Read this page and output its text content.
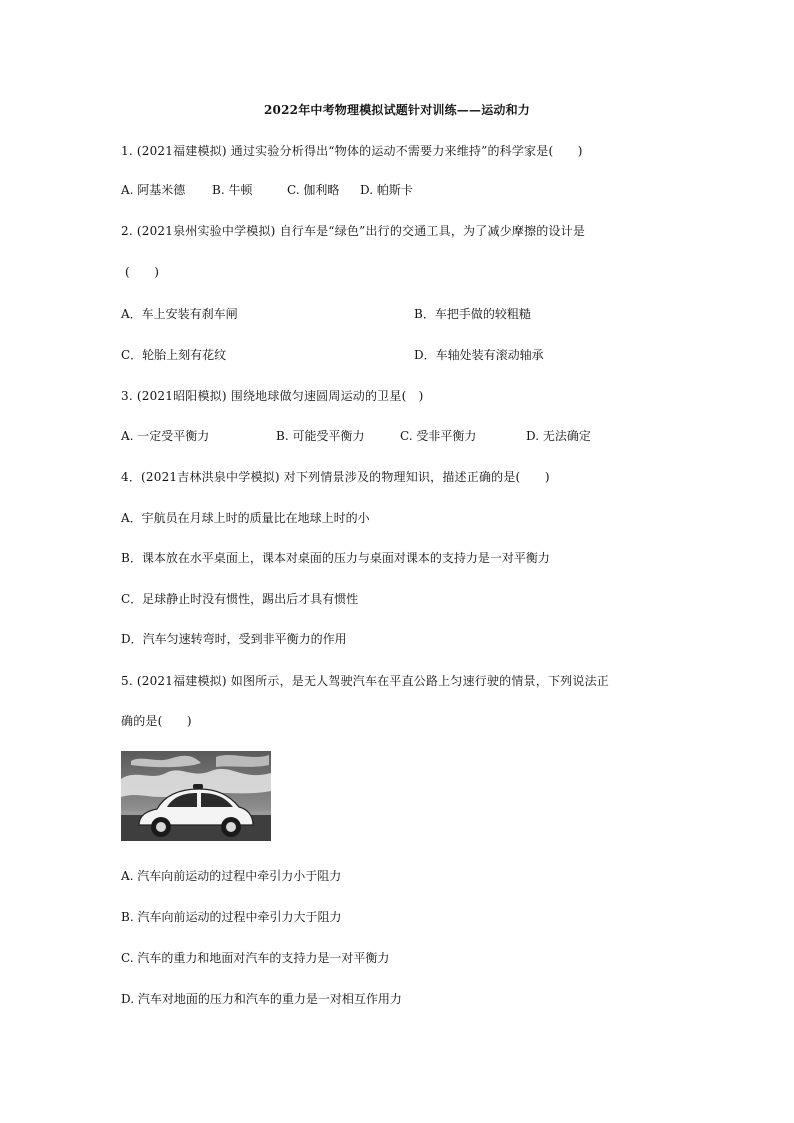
2022年中考物理模拟试题针对训练——运动和力
1. (2021福建模拟) 通过实验分析得出“物体的运动不需要力来维持”的科学家是(　　)
A. 阿基米德 B. 牛顿	C. 伽利略 D. 帕斯卡
2. (2021泉州实验中学模拟) 自行车是“绿色”出行的交通工具，为了减少摩擦的设计是
(　　)
A．车上安装有刹车闸	B．车把手做的较粗糙
C．轮胎上刻有花纹	D．车轴处装有滚动轴承
3. (2021昭阳模拟) 围绕地球做匀速圆周运动的卫星(　)
A. 一定受平衡力	B. 可能受平衡力	C. 受非平衡力	D. 无法确定
4．(2021吉林洪泉中学模拟) 对下列情景涉及的物理知识，描述正确的是(　　)
A．宇航员在月球上时的质量比在地球上时的小
B．课本放在水平桌面上，课本对桌面的压力与桌面对课本的支持力是一对平衡力
C．足球静止时没有惯性，踢出后才具有惯性
D．汽车匀速转弯时，受到非平衡力的作用
5. (2021福建模拟) 如图所示，是无人驾驶汽车在平直公路上匀速行驶的情景，下列说法正
确的是(　　)
A. 汽车向前运动的过程中牵引力小于阻力
B. 汽车向前运动的过程中牵引力大于阻力
C. 汽车的重力和地面对汽车的支持力是一对平衡力
D. 汽车对地面的压力和汽车的重力是一对相互作用力
